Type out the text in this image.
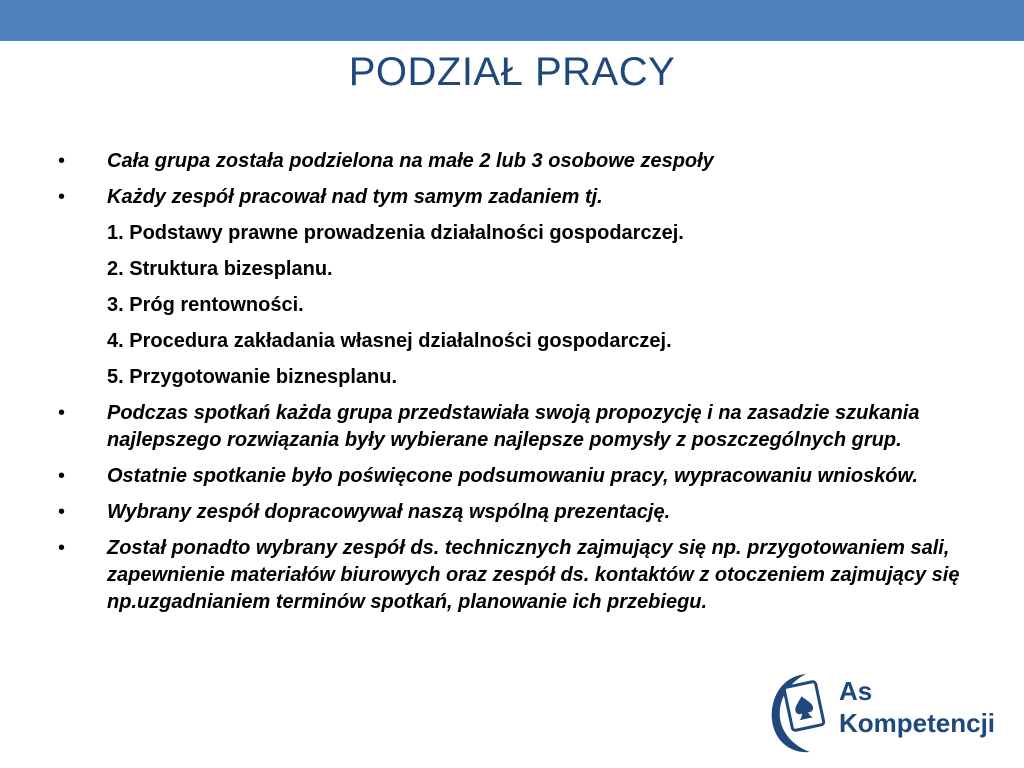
PODZIAŁ PRACY
• Cała grupa została podzielona na małe 2 lub 3 osobowe zespoły
• Każdy zespół pracował nad tym samym zadaniem tj.
1. Podstawy prawne prowadzenia działalności gospodarczej.
2. Struktura bizesplanu.
3. Próg rentowności.
4. Procedura zakładania własnej działalności gospodarczej.
5. Przygotowanie biznesplanu.
• Podczas spotkań każda grupa przedstawiała swoją propozycję i na zasadzie szukania najlepszego rozwiązania były wybierane najlepsze pomysły z poszczególnych grup.
• Ostatnie spotkanie było poświęcone podsumowaniu pracy, wypracowaniu wniosków.
• Wybrany zespół dopracowywał naszą wspólną prezentację.
• Został ponadto wybrany zespół ds. technicznych zajmujący się np. przygotowaniem sali, zapewnienie materiałów biurowych oraz zespół ds. kontaktów z otoczeniem zajmujący się np.uzgadnianiem terminów spotkań, planowanie ich przebiegu.
As
Kompetencji
